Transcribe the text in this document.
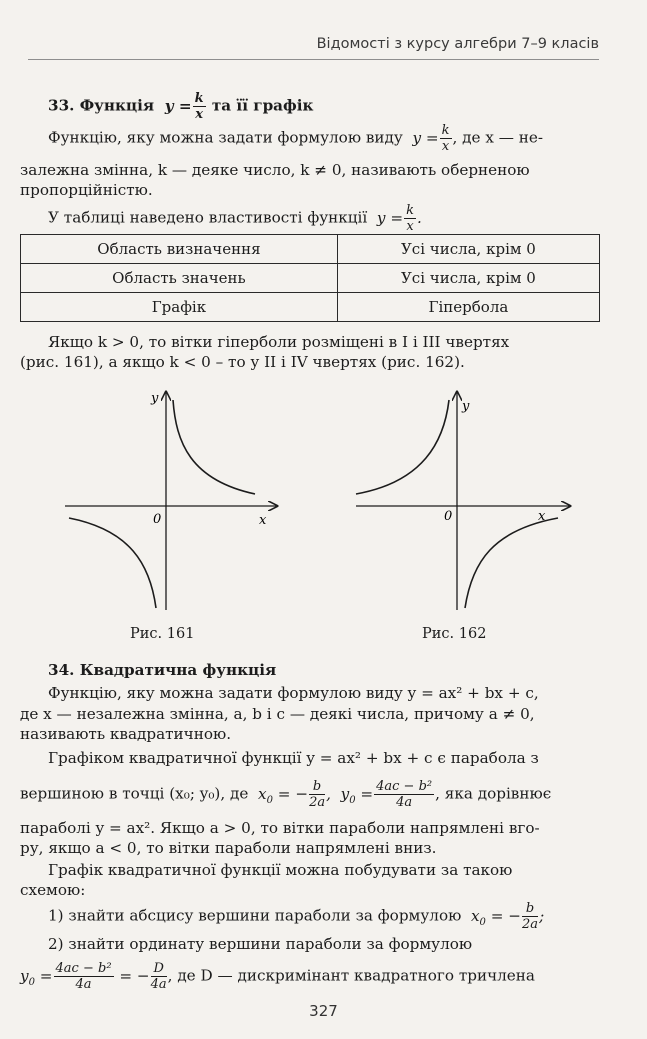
Відомості з курсу алгебри 7–9 класів
33. Функція  $y = \frac{k}{x}$ та її графік
Функцію, яку можна задати формулою виду  $y = \frac{k}{x}$ , де x — не-
залежна змінна, k — деяке число, k ≠ 0, називають оберненою
пропорційністю.
У таблиці наведено властивості функції  $y = \frac{k}{x}$ .
Область визначення	Усі числа, крім 0
Область значень	Усі числа, крім 0
Графік	Гіпербола
Якщо k > 0, то вітки гіперболи розміщені в I і III чвертях
(рис. 161), а якщо k < 0 – то у II і IV чвертях (рис. 162).
y
x
0
y
x
0
Рис. 161	Рис. 162
34. Квадратична функція
Функцію, яку можна задати формулою виду y = ax² + bx + c,
де x — незалежна змінна, a, b і c — деякі числа, причому a ≠ 0,
називають квадратичною.
Графіком квадратичної функції y = ax² + bx + c є парабола з
вершиною в точці (x₀; y₀), де  $x_0$ = − $\frac{b}{2a}$ ,  $y_0 = \frac{\text{4ac − b²}}{4a}$ , яка дорівнює
параболі y = ax². Якщо a > 0, то вітки параболи напрямлені вго-
ру, якщо a < 0, то вітки параболи напрямлені вниз.
Графік квадратичної функції можна побудувати за такою
схемою:
1) знайти абсцису вершини параболи за формулою  $x_0$ = − $\frac{b}{2a}$ ;
2) знайти ординату вершини параболи за формулою
$y_0 = \frac{\text{4ac − b²}}{4a}$ = − $\frac{D}{4a}$ , де D — дискримінант квадратного тричлена
327
